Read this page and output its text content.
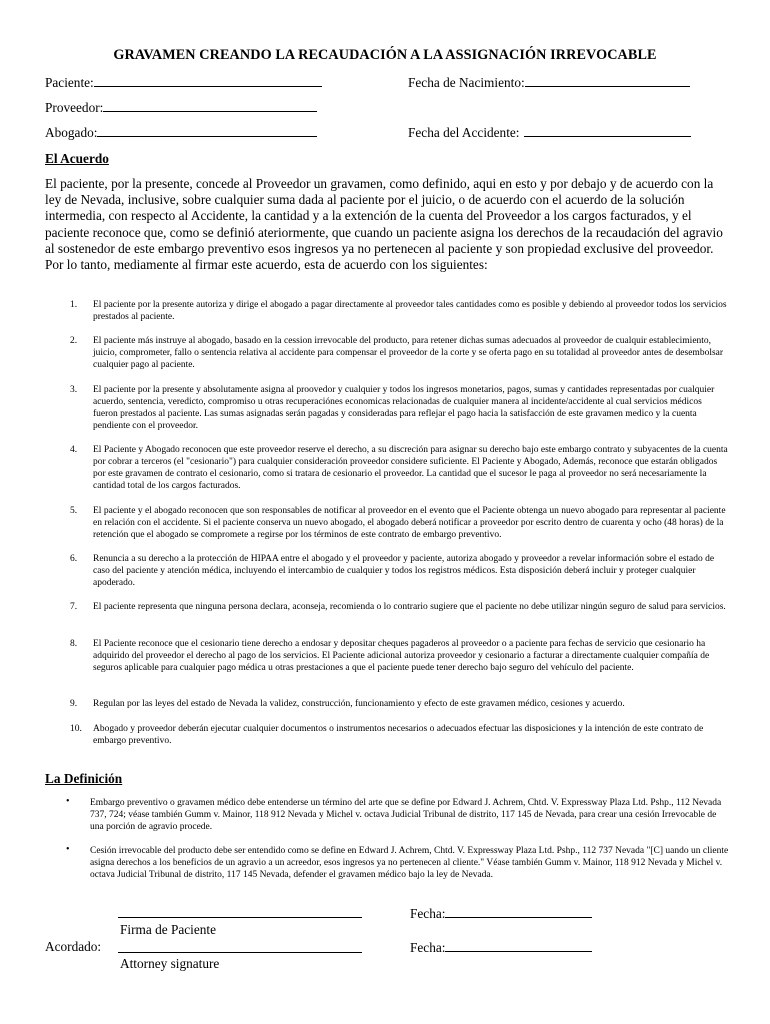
GRAVAMEN CREANDO LA RECAUDACIÓN A LA ASSIGNACIÓN IRREVOCABLE
Paciente:	Fecha de Nacimiento:
Proveedor:
Abogado:	Fecha del Accidente:
El Acuerdo
El paciente, por la presente, concede al Proveedor un gravamen, como definido, aqui en esto y por debajo y de acuerdo con la ley de Nevada, inclusive, sobre cualquier suma dada al paciente por el juicio, o de acuerdo con el acuerdo de la solución intermedia, con respecto al Accidente, la cantidad y a la extención de la cuenta del Proveedor a los cargos facturados, y el paciente reconoce que, como se definió ateriormente, que cuando un paciente asigna los derechos de la recaudación del agravio al sostenedor de este embargo preventivo esos ingresos ya no pertenecen al paciente y son propiedad exclusive del proveedor. Por lo tanto, mediamente al firmar este acuerdo, esta de acuerdo con los siguientes:
1.	El paciente por la presente autoriza y dirige el abogado a pagar directamente al proveedor tales cantidades como es posible y debiendo al proveedor todos los servicios prestados al paciente.
2.	El paciente más instruye al abogado, basado en la cession irrevocable del producto, para retener dichas sumas adecuados al proveedor de cualquir establecimiento, juicio, comprometer, fallo o sentencia relativa al accidente para compensar el proveedor de la corte y se oferta pago en su totalidad al proveedor antes de desembolsar cualquier pago al paciente.
3.	El paciente por la presente y absolutamente asigna al proovedor y cualquier y todos los ingresos monetarios, pagos, sumas y cantidades representadas por cualquier acuerdo, sentencia, veredicto, compromiso u otras recuperaciónes economicas relacionadas de cualquier manera al incidente/accidente al cual servicios médicos fueron prestados al paciente. Las sumas asignadas serán pagadas y consideradas para reflejar el pago hacia la satisfacción de este gravamen medico y la cuenta pendiente con el proveedor.
4.	El Paciente y Abogado reconocen que este proveedor reserve el derecho, a su discreción para asignar su derecho bajo este embargo contrato y subyacentes de la cuenta por cobrar a terceros (el "cesionario") para cualquier consideración proveedor considere suficiente. El Paciente y Abogado, Además, reconoce que estarán obligados por este gravamen de contrato el cesionario, como si tratara de cesionario el proveedor. La cantidad que el sucesor le paga al proveedor no será necesariamente la cantidad total de los cargos facturados.
5.	El paciente y el abogado reconocen que son responsables de notificar al proveedor en el evento que el Paciente obtenga un nuevo abogado para representar al paciente en relación con el accidente. Si el paciente conserva un nuevo abogado, el abogado deberá notificar a proveedor por escrito dentro de cuarenta y ocho (48 horas) de la retención que el abogado se compromete a regirse por los términos de este contrato de embargo preventivo.
6.	Renuncia a su derecho a la protección de HIPAA entre el abogado y el proveedor y paciente, autoriza abogado y proveedor a revelar información sobre el estado de caso del paciente y atención médica, incluyendo el intercambio de cualquier y todos los registros médicos. Esta disposición deberá incluir y proteger cualquier apoderado.
7.	El paciente representa que ninguna persona declara, aconseja, recomienda o lo contrario sugiere que el paciente no debe utilizar ningún seguro de salud para servicios.
8.	El Paciente reconoce que el cesionario tiene derecho a endosar y depositar cheques pagaderos al proveedor o a paciente para fechas de servicio que cesionario ha adquirido del proveedor el derecho al pago de los servicios. El Paciente adicional autoriza proveedor y cesionario a facturar a directamente cualquier compañía de seguros aplicable para cualquier pago médica u otras prestaciones a que el paciente puede tener derecho bajo seguro del vehículo del paciente.
9.	Regulan por las leyes del estado de Nevada la validez, construcción, funcionamiento y efecto de este gravamen médico, cesiones y acuerdo.
10.	Abogado y proveedor deberán ejecutar cualquier documentos o instrumentos necesarios o adecuados efectuar las disposiciones y la intención de este contrato de embargo preventivo.
La Definición
• Embargo preventivo o gravamen médico debe entenderse un término del arte que se define por Edward J. Achrem, Chtd. V. Expressway Plaza Ltd. Pshp., 112 Nevada 737, 724; véase también Gumm v. Mainor, 118 912 Nevada y Michel v. octava Judicial Tribunal de distrito, 117 145 de Nevada, para crear una cesión Irrevocable de una porción de agravio procede.
• Cesión irrevocable del producto debe ser entendido como se define en Edward J. Achrem, Chtd. V. Expressway Plaza Ltd. Pshp., 112 737 Nevada "[C] uando un cliente asigna derechos a los beneficios de un agravio a un acreedor, esos ingresos ya no pertenecen al cliente." Véase también Gumm v. Mainor, 118 912 Nevada y Michel v. octava Judicial Tribunal de distrito, 117 145 Nevada, defender el gravamen médico bajo la ley de Nevada.
Fecha:
Firma de Paciente
Acordado:	Fecha:
Attorney signature
